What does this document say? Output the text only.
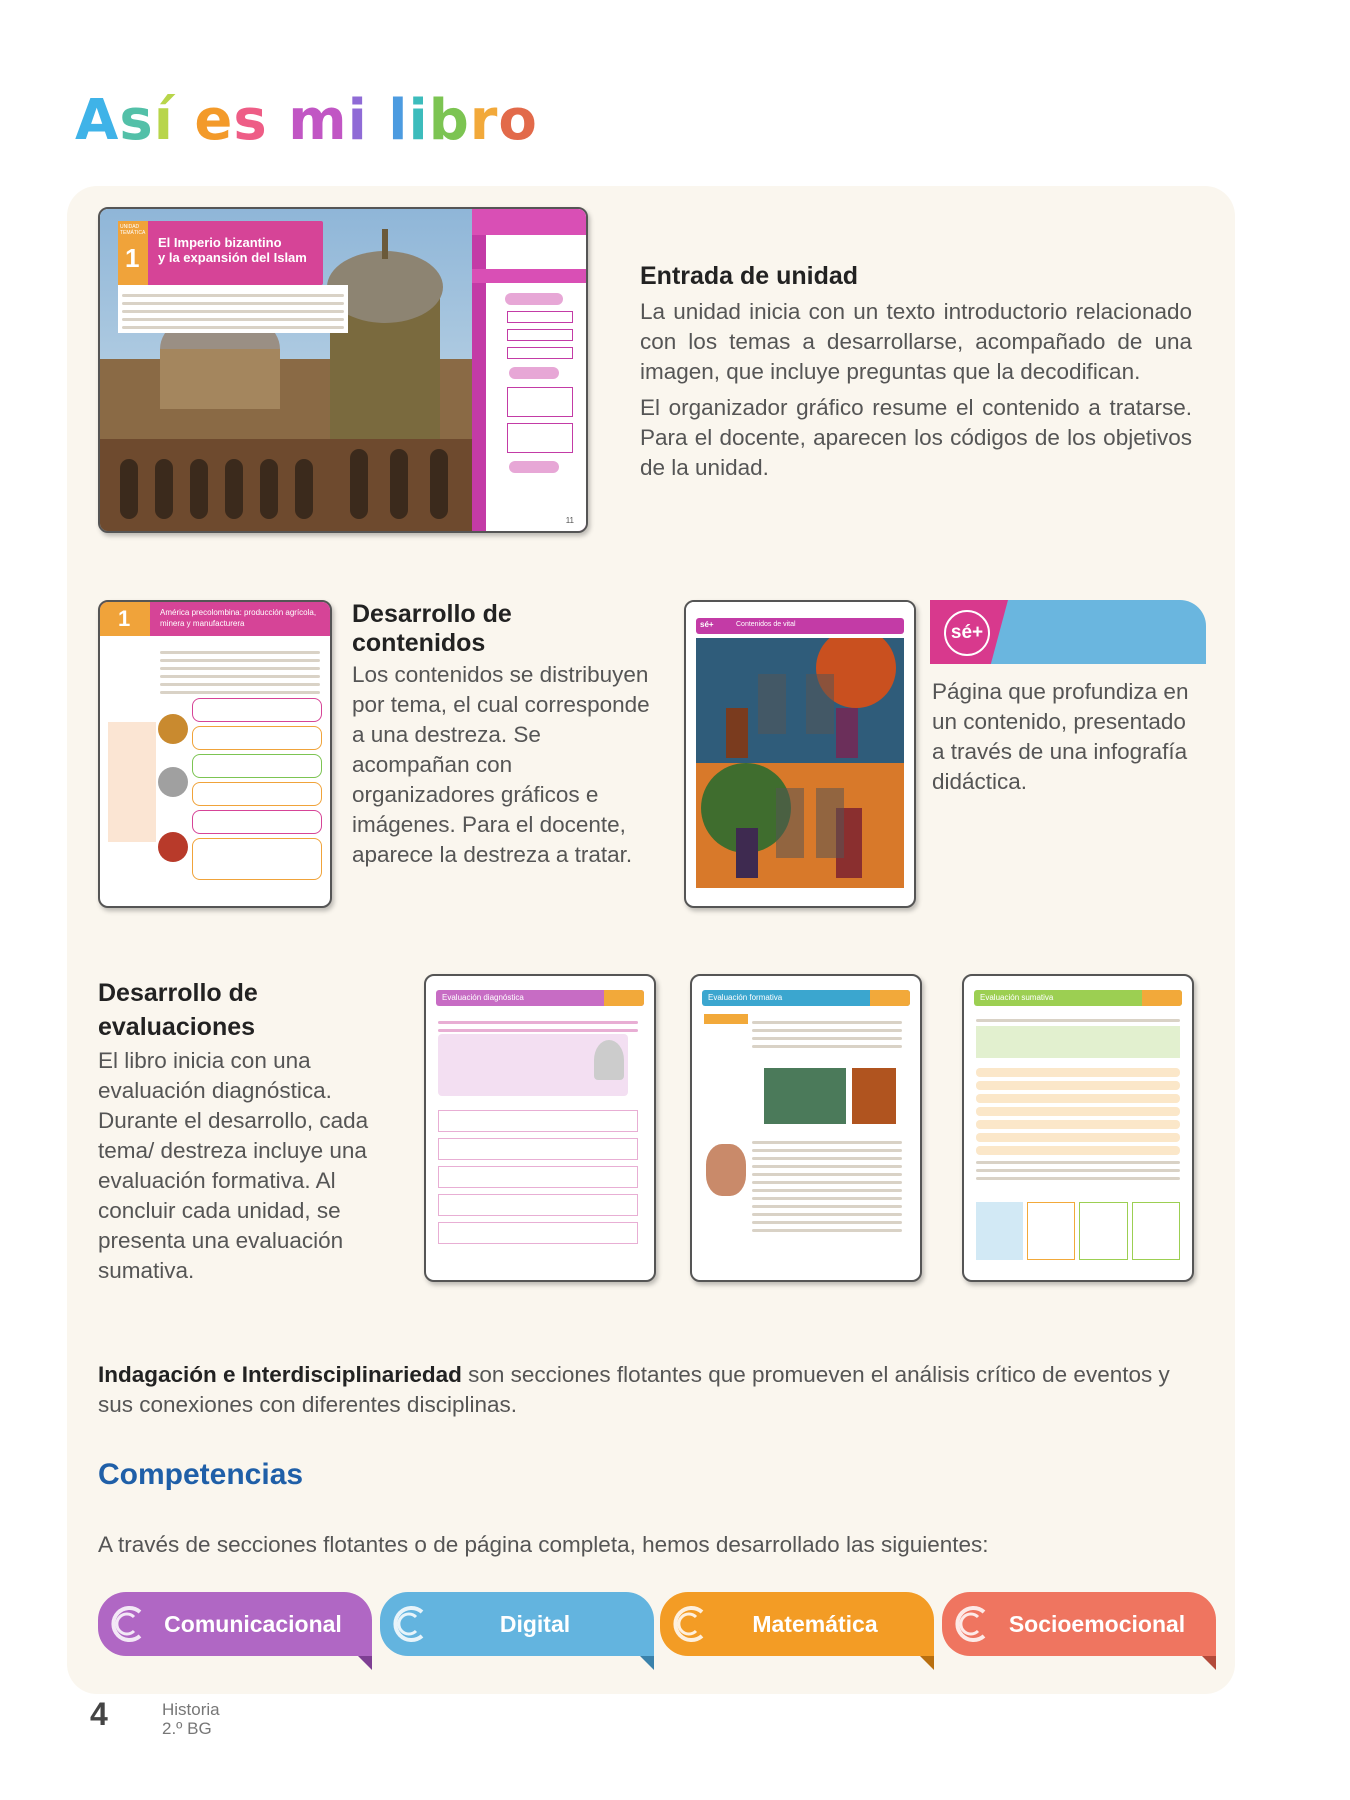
Así es mi libro
UNIDAD TEMÁTICA
1
El Imperio bizantino
y la expansión del Islam
11
Entrada de unidad

La unidad inicia con un texto introductorio relacionado con los temas a desarrollarse, acompañado de una imagen, que incluye preguntas que la decodifican.

El organizador gráfico resume el contenido a tratarse. Para el docente, aparecen los códigos de los objetivos de la unidad.

1	América precolombina: producción agrícola, minera y manufacturera	Desarrollo de contenidos
Los contenidos se distribuyen por tema, el cual corresponde a una destreza. Se acompañan con organizadores gráficos e imágenes. Para el docente, aparece la destreza a tratar.
sé+	Contenidos de vital	sé+
Página que profundiza en un contenido, presentado a través de una infografía didáctica.
Desarrollo de evaluaciones
El libro inicia con una evaluación diagnóstica. Durante el desarrollo, cada tema/ destreza incluye una evaluación formativa. Al concluir cada unidad, se presenta una evaluación sumativa.
Evaluación diagnóstica	Evaluación formativa	Evaluación sumativa
Indagación e Interdisciplinariedad son secciones flotantes que promueven el análisis crítico de eventos y sus conexiones con diferentes disciplinas.
Competencias
A través de secciones flotantes o de página completa, hemos desarrollado las siguientes:
Comunicacional	Digital	Matemática	Socioemocional
4	Historia
2.º BG
